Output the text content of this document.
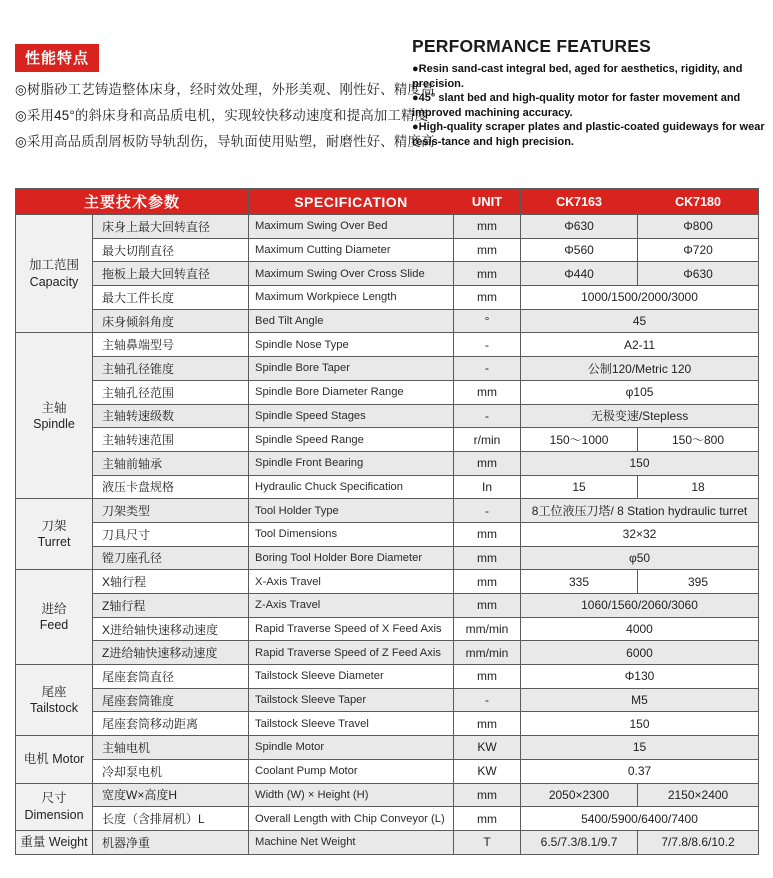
性能特点
◎树脂砂工艺铸造整体床身，经时效处理，外形美观、刚性好、精度高
◎采用45°的斜床身和高品质电机，实现较快移动速度和提高加工精度
◎采用高品质刮屑板防导轨刮伤，导轨面使用贴塑，耐磨性好、精度高
PERFORMANCE FEATURES
●Resin sand-cast integral bed, aged for aesthetics, rigidity, and precision.
●45° slant bed and high-quality motor for faster movement and improved machining accuracy.
●High-quality scraper plates and plastic-coated guideways for wear resis-tance and high precision.
主要技术参数		SPECIFICATION	UNIT	CK7163	CK7180
加工范围
Capacity	床身上最大回转直径	Maximum Swing Over Bed	mm	Φ630	Φ800
	最大切削直径	Maximum Cutting Diameter	mm	Φ560	Φ720
	拖板上最大回转直径	Maximum Swing Over Cross Slide	mm	Φ440	Φ630
	最大工件长度	Maximum Workpiece Length	mm	1000/1500/2000/3000	
	床身倾斜角度	Bed Tilt Angle	°	45	
主轴
Spindle	主轴鼻端型号	Spindle Nose Type	-	A2-11	
	主轴孔径锥度	Spindle Bore Taper	-	公制120/Metric 120	
	主轴孔径范围	Spindle Bore Diameter Range	mm	φ105	
	主轴转速级数	Spindle Speed Stages	-	无极变速/Stepless	
	主轴转速范围	Spindle Speed Range	r/min	150～1000	150～800
	主轴前轴承	Spindle Front Bearing	mm	150	
	液压卡盘规格	Hydraulic Chuck Specification	In	15	18
刀架
Turret	刀架类型	Tool Holder Type	-	8工位液压刀塔/ 8 Station hydraulic turret	
	刀具尺寸	Tool Dimensions	mm	32×32	
	镗刀座孔径	Boring Tool Holder Bore Diameter	mm	φ50	
进给
Feed	X轴行程	X-Axis Travel	mm	335	395
	Z轴行程	Z-Axis Travel	mm	1060/1560/2060/3060	
	X进给轴快速移动速度	Rapid Traverse Speed of X Feed Axis	mm/min	4000	
	Z进给轴快速移动速度	Rapid Traverse Speed of Z Feed Axis	mm/min	6000	
尾座
Tailstock	尾座套筒直径	Tailstock Sleeve Diameter	mm	Φ130	
	尾座套筒锥度	Tailstock Sleeve Taper	-	M5	
	尾座套筒移动距离	Tailstock Sleeve Travel	mm	150	
电机 Motor	主轴电机	Spindle Motor	KW	15	
	冷却泵电机	Coolant Pump Motor	KW	0.37	
尺寸
Dimension	宽度W×高度H	Width (W) × Height (H)	mm	2050×2300	2150×2400
	长度（含排屑机）L	Overall Length with Chip Conveyor (L)	mm	5400/5900/6400/7400	
重量 Weight	机器净重	Machine Net Weight	T	6.5/7.3/8.1/9.7	7/7.8/8.6/10.2
